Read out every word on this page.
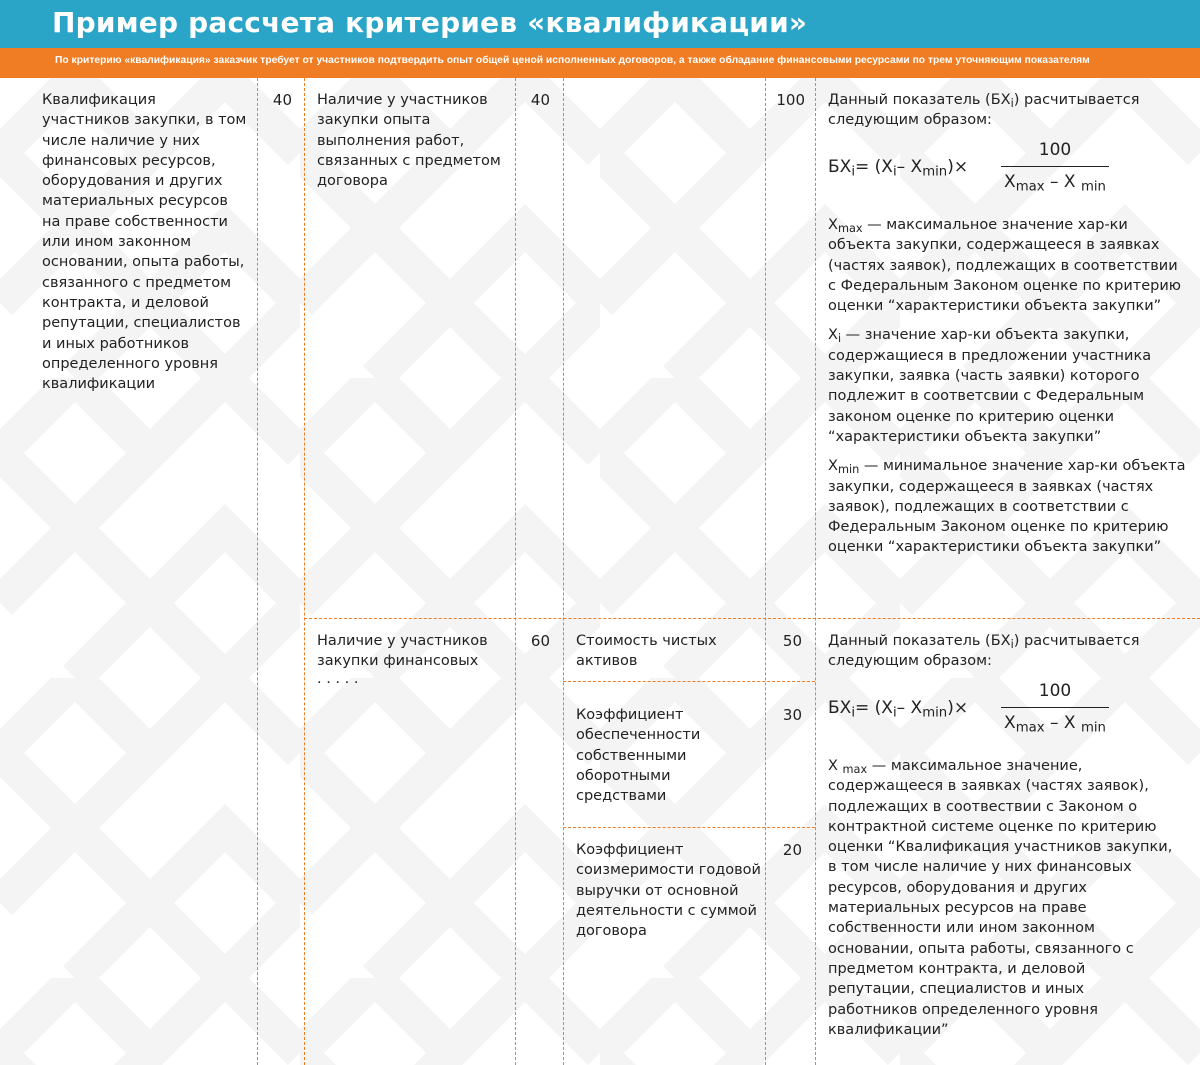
Пример рассчета критериев «квалификации»

По критерию «квалификация» заказчик требует от участников подтвердить опыт общей ценой исполненных договоров, а также обладание финансовыми ресурсами по трем уточняющим показателям

Квалификация участников закупки, в том числе наличие у них финансовых ресурсов, оборудования и других материальных ресурсов на праве собственности или ином законном основании, опыта работы, связанного с предметом контракта, и деловой репутации, специалистов и иных работников определенного уровня квалификации
40 Наличие у участников закупки опыта выполнения работ, связанных с предметом договора
40	100 Данный показатель $(БХ_i)$ расчитывается следующим образом:
$БХ_i= (X_i-$ $X_{min})\times$
100
$X_{max}$ – X $_{min}$

$X_{max}$ — максимальное значение хар-ки объекта закупки, содержащееся в заявках (частях заявок), подлежащих в соответствии с Федеральным Законом оценке по критерию оценки “характеристики объекта закупки”

$X_i$ — значение хар-ки объекта закупки, содержащиеся в предложении участника закупки, заявка (часть заявки) которого подлежит в соответсвии с Федеральным законом оценке по критерию оценки “характеристики объекта закупки”

$X_{min}$ — минимальное значение хар-ки объекта закупки, содержащееся в заявках (частях заявок), подлежащих в соответствии с Федеральным Законом оценке по критерию оценки “характеристики объекта закупки”

Наличие у участников закупки финансовых
. . . . .
60 Стоимость чистых активов
50
Коэффициент обеспеченности собственными оборотными средствами
30
Коэффициент соизмеримости годовой выручки от основной деятельности с суммой договора
20
Данный показатель $(БХ_i)$ расчитывается следующим образом:
$БХ_i= (X_i-$ $X_{min})\times$
100
$X_{max}$ – X $_{min}$

X $_{max}$ — максимальное значение, содержащееся в заявках (частях заявок), подлежащих в соотвествии с Законом о контрактной системе оценке по критерию оценки “Квалификация участников закупки, в том числе наличие у них финансовых ресурсов, оборудования и других материальных ресурсов на праве собственности или ином законном основании, опыта работы, связанного с предметом контракта, и деловой репутации, специалистов и иных работников определенного уровня квалификации”
